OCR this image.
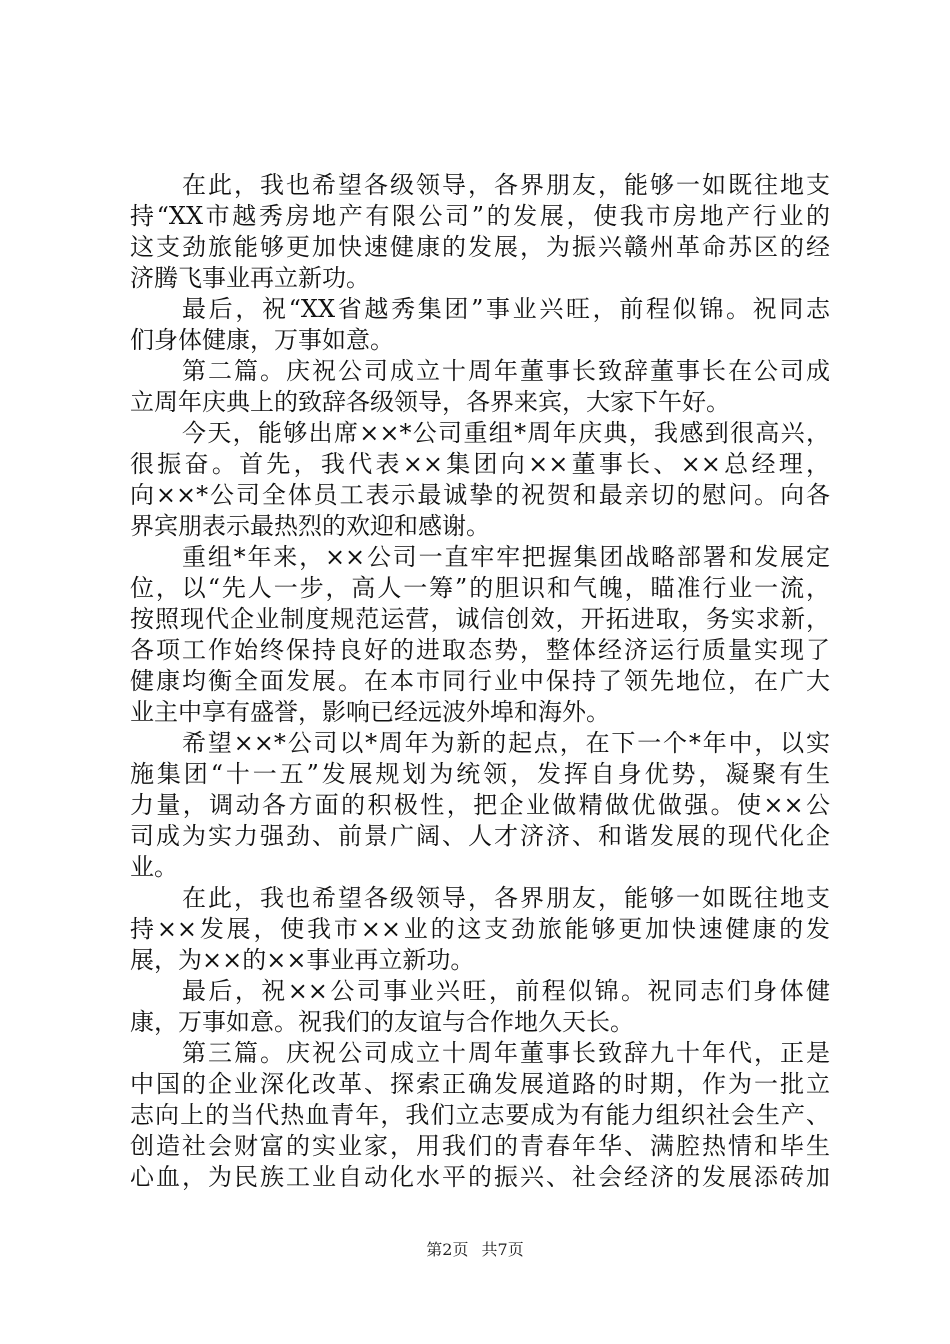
在此，我也希望各级领导，各界朋友，能够一如既往地支
持“XX市越秀房地产有限公司”的发展，使我市房地产行业的
这支劲旅能够更加快速健康的发展，为振兴赣州革命苏区的经
济腾飞事业再立新功。
最后，祝“XX省越秀集团”事业兴旺，前程似锦。祝同志
们身体健康，万事如意。
第二篇。庆祝公司成立十周年董事长致辞董事长在公司成
立周年庆典上的致辞各级领导，各界来宾，大家下午好。
今天，能够出席××*公司重组*周年庆典，我感到很高兴，
很振奋。首先，我代表××集团向××董事长、××总经理，
向××*公司全体员工表示最诚挚的祝贺和最亲切的慰问。向各
界宾朋表示最热烈的欢迎和感谢。
重组*年来，××公司一直牢牢把握集团战略部署和发展定
位，以“先人一步，高人一筹”的胆识和气魄，瞄准行业一流，
按照现代企业制度规范运营，诚信创效，开拓进取，务实求新，
各项工作始终保持良好的进取态势，整体经济运行质量实现了
健康均衡全面发展。在本市同行业中保持了领先地位，在广大
业主中享有盛誉，影响已经远波外埠和海外。
希望××*公司以*周年为新的起点，在下一个*年中，以实
施集团“十一五”发展规划为统领，发挥自身优势，凝聚有生
力量，调动各方面的积极性，把企业做精做优做强。使××公
司成为实力强劲、前景广阔、人才济济、和谐发展的现代化企
业。
在此，我也希望各级领导，各界朋友，能够一如既往地支
持××发展，使我市××业的这支劲旅能够更加快速健康的发
展，为××的××事业再立新功。
最后，祝××公司事业兴旺，前程似锦。祝同志们身体健
康，万事如意。祝我们的友谊与合作地久天长。
第三篇。庆祝公司成立十周年董事长致辞九十年代，正是
中国的企业深化改革、探索正确发展道路的时期，作为一批立
志向上的当代热血青年，我们立志要成为有能力组织社会生产、
创造社会财富的实业家，用我们的青春年华、满腔热情和毕生
心血，为民族工业自动化水平的振兴、社会经济的发展添砖加
第2页 共7页
